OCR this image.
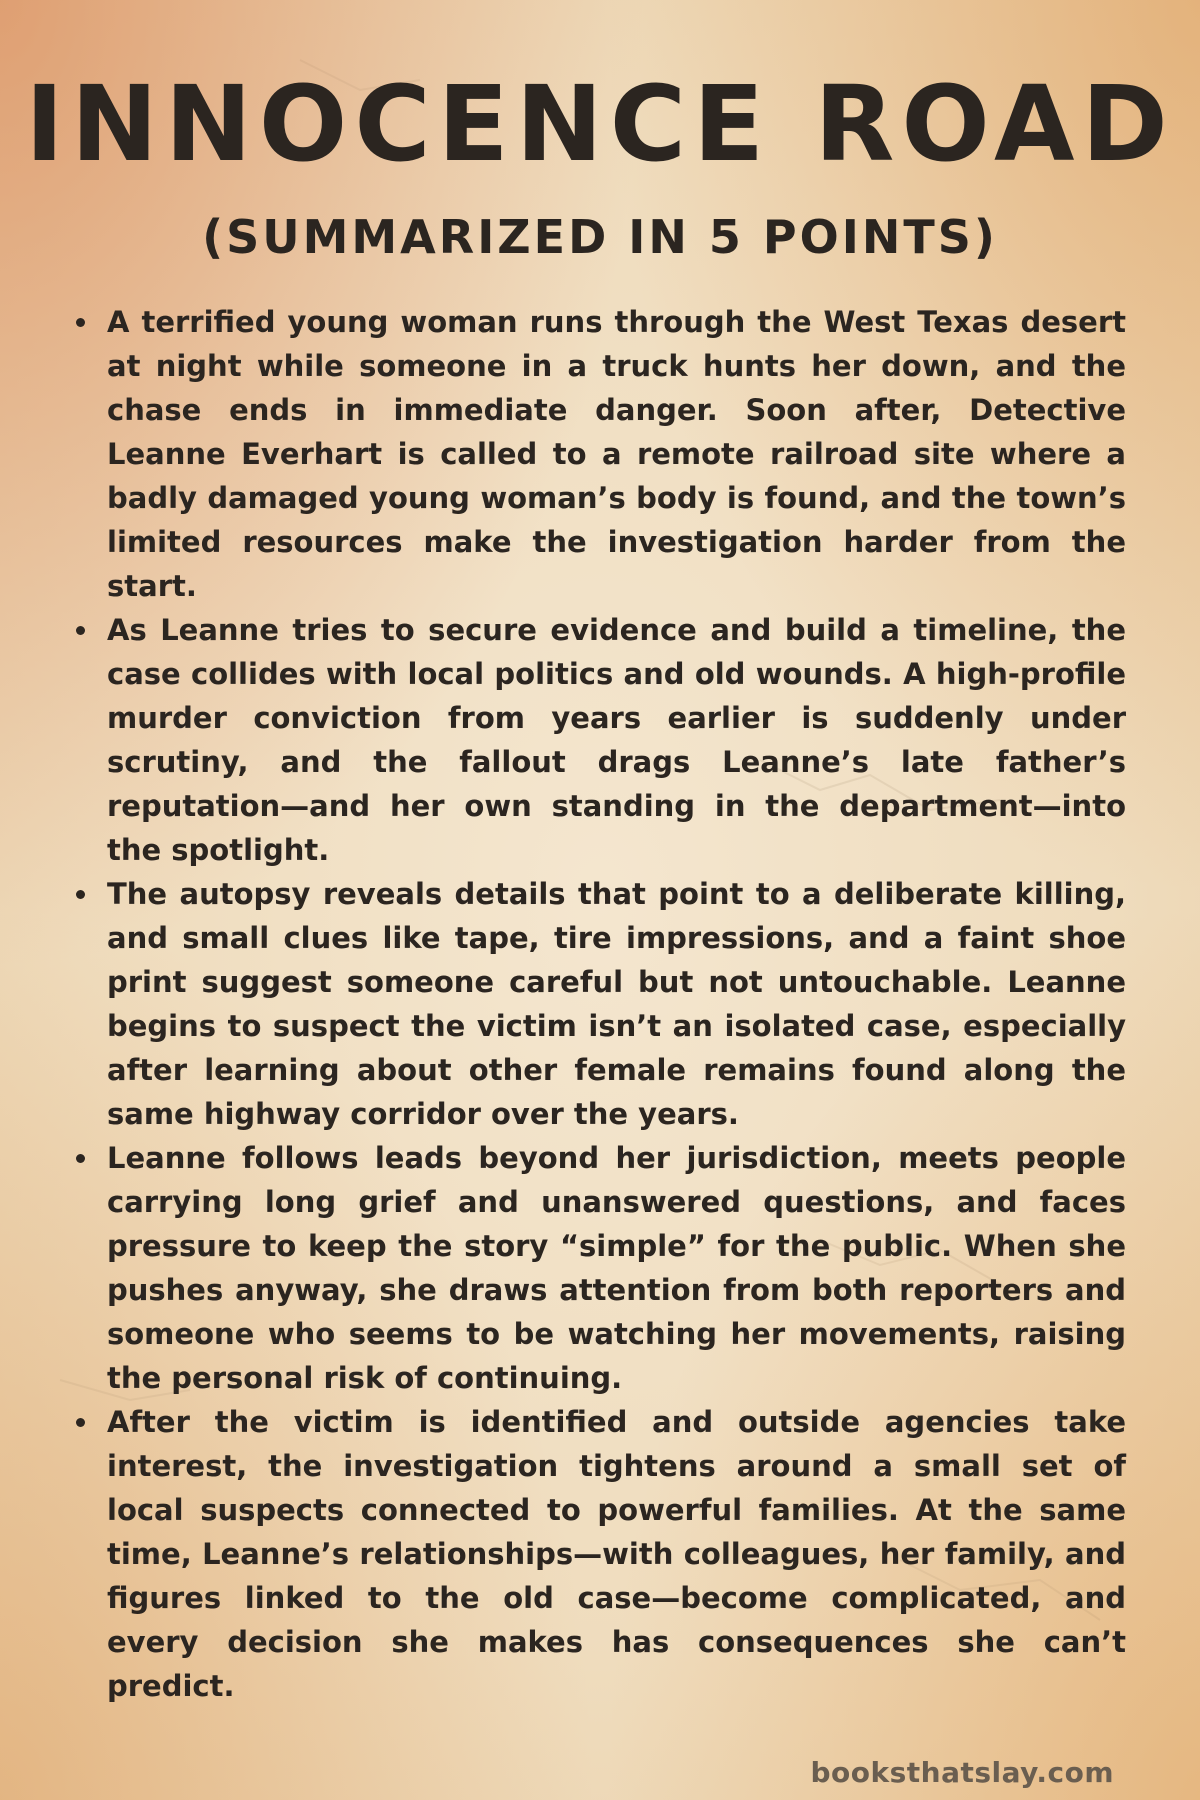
INNOCENCE ROAD
(SUMMARIZED IN 5 POINTS)
A terrified young woman runs through the West Texas desert at night while someone in a truck hunts her down, and the chase ends in immediate danger. Soon after, Detective Leanne Everhart is called to a remote railroad site where a badly damaged young woman’s body is found, and the town’s limited resources make the investigation harder from the start.
As Leanne tries to secure evidence and build a timeline, the case collides with local politics and old wounds. A high-profile murder conviction from years earlier is suddenly under scrutiny, and the fallout drags Leanne’s late father’s reputation—and her own standing in the department—into the spotlight.
The autopsy reveals details that point to a deliberate killing, and small clues like tape, tire impressions, and a faint shoe print suggest someone careful but not untouchable. Leanne begins to suspect the victim isn’t an isolated case, especially after learning about other female remains found along the same highway corridor over the years.
Leanne follows leads beyond her jurisdiction, meets people carrying long grief and unanswered questions, and faces pressure to keep the story “simple” for the public. When she pushes anyway, she draws attention from both reporters and someone who seems to be watching her movements, raising the personal risk of continuing.
After the victim is identified and outside agencies take interest, the investigation tightens around a small set of local suspects connected to powerful families. At the same time, Leanne’s relationships—with colleagues, her family, and figures linked to the old case—become complicated, and every decision she makes has consequences she can’t predict.
booksthatslay.com
